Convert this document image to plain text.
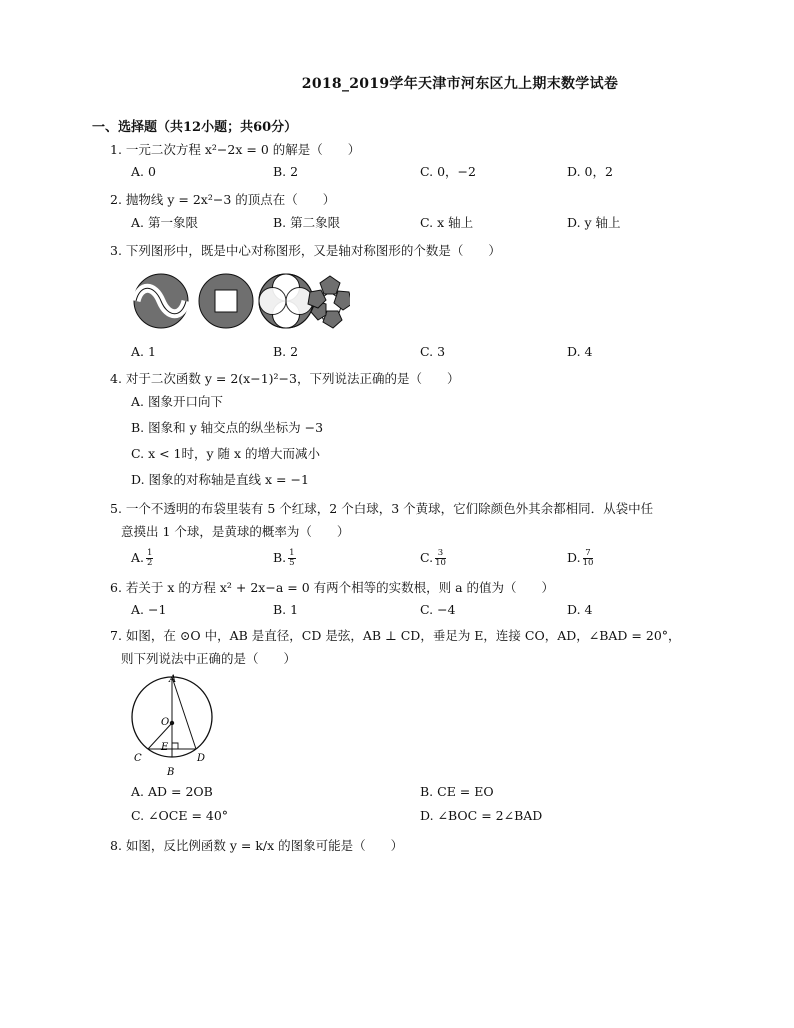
2018_2019学年天津市河东区九上期末数学试卷
一、选择题（共12小题；共60分）
1. 一元二次方程 x²−2x = 0 的解是（　　）
A. 0	B. 2	C. 0，−2	D. 0，2
2. 抛物线 y = 2x²−3 的顶点在（　　）
A. 第一象限	B. 第二象限	C. x 轴上	D. y 轴上
3. 下列图形中，既是中心对称图形，又是轴对称图形的个数是（　　）
A. 1	B. 2	C. 3	D. 4
4. 对于二次函数 y = 2(x−1)²−3，下列说法正确的是（　　）
A. 图象开口向下
B. 图象和 y 轴交点的纵坐标为 −3
C. x < 1时，y 随 x 的增大而减小
D. 图象的对称轴是直线 x = −1
5. 一个不透明的布袋里装有 5 个红球，2 个白球，3 个黄球，它们除颜色外其余都相同．从袋中任
意摸出 1 个球，是黄球的概率为（　　）
A. $\frac{1}{2}$	B. $\frac{1}{5}$	C. $\frac{3}{10}$	D. $\frac{7}{10}$
6. 若关于 x 的方程 x² + 2x−a = 0 有两个相等的实数根，则 a 的值为（　　）
A. −1	B. 1	C. −4	D. 4
7. 如图，在 ⊙O 中，AB 是直径，CD 是弦，AB ⊥ CD，垂足为 E，连接 CO，AD，∠BAD = 20°，
则下列说法中正确的是（　　）
A
O
E
C	D
B
A. AD = 2OB	B. CE = EO
C. ∠OCE = 40°	D. ∠BOC = 2∠BAD
8. 如图，反比例函数 y = k/x 的图象可能是（　　）
